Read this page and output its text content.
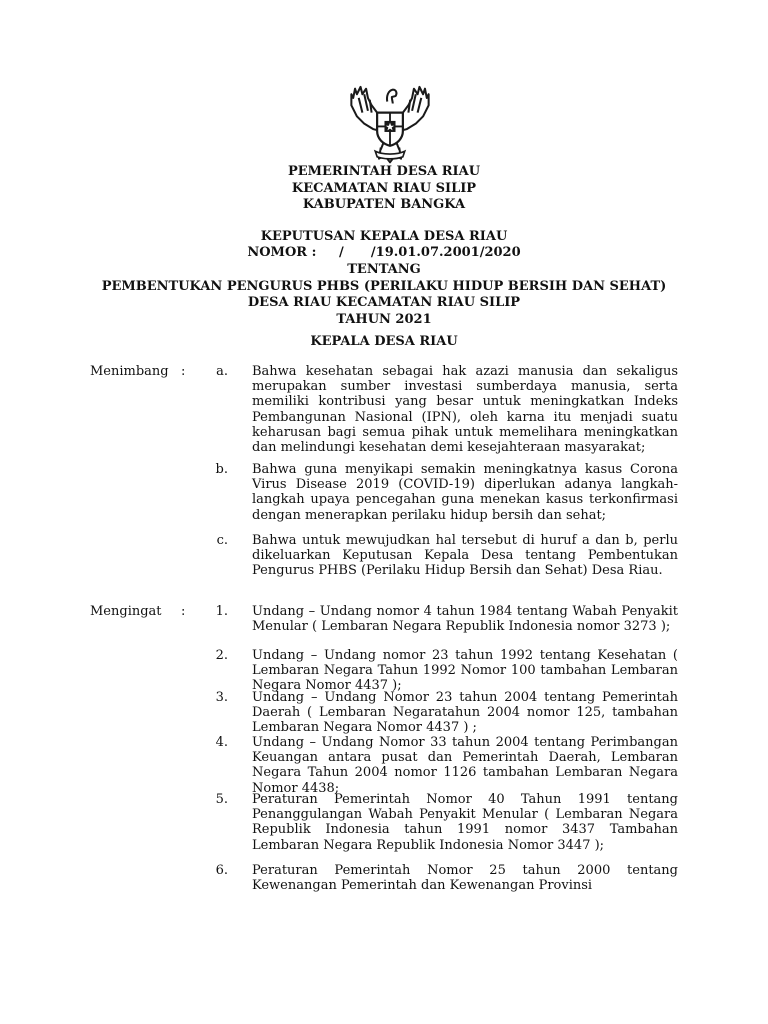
PEMERINTAH DESA RIAU
KECAMATAN RIAU SILIP
KABUPATEN BANGKA
KEPUTUSAN KEPALA DESA RIAU
NOMOR :     /      /19.01.07.2001/2020
TENTANG
PEMBENTUKAN PENGURUS PHBS (PERILAKU HIDUP BERSIH DAN SEHAT)
DESA RIAU KECAMATAN RIAU SILIP
TAHUN 2021
KEPALA DESA RIAU
Menimbang :	a. Bahwa kesehatan sebagai hak azazi manusia dan sekaligus merupakan sumber investasi sumberdaya manusia, serta memiliki kontribusi yang besar untuk meningkatkan Indeks Pembangunan Nasional (IPN), oleh karna itu menjadi suatu keharusan bagi semua pihak untuk memelihara meningkatkan dan melindungi kesehatan demi kesejahteraan masyarakat;

b. Bahwa guna menyikapi semakin meningkatnya kasus Corona Virus Disease 2019 (COVID-19) diperlukan adanya langkah-langkah upaya pencegahan guna menekan kasus terkonfirmasi dengan menerapkan perilaku hidup bersih dan sehat;

c. Bahwa untuk mewujudkan hal tersebut di huruf a dan b, perlu dikeluarkan Keputusan Kepala Desa tentang Pembentukan Pengurus PHBS (Perilaku Hidup Bersih dan Sehat) Desa Riau.

Mengingat	:	1. Undang – Undang nomor 4 tahun 1984 tentang Wabah Penyakit Menular ( Lembaran Negara Republik Indonesia nomor 3273 );

2. Undang – Undang nomor 23 tahun 1992 tentang Kesehatan ( Lembaran Negara Tahun 1992 Nomor 100 tambahan Lembaran Negara Nomor 4437 );

3. Undang – Undang Nomor 23 tahun 2004 tentang Pemerintah Daerah ( Lembaran Negaratahun 2004 nomor 125, tambahan Lembaran Negara Nomor 4437 ) ;

4. Undang – Undang Nomor 33 tahun 2004 tentang Perimbangan Keuangan antara pusat dan Pemerintah Daerah, Lembaran Negara Tahun 2004 nomor 1126 tambahan Lembaran Negara Nomor 4438;

5. Peraturan Pemerintah Nomor 40 Tahun 1991 tentang Penanggulangan Wabah Penyakit Menular ( Lembaran Negara Republik Indonesia tahun 1991 nomor 3437 Tambahan Lembaran Negara Republik Indonesia Nomor 3447 );

6. Peraturan Pemerintah Nomor 25 tahun 2000 tentang Kewenangan Pemerintah dan Kewenangan Provinsi
